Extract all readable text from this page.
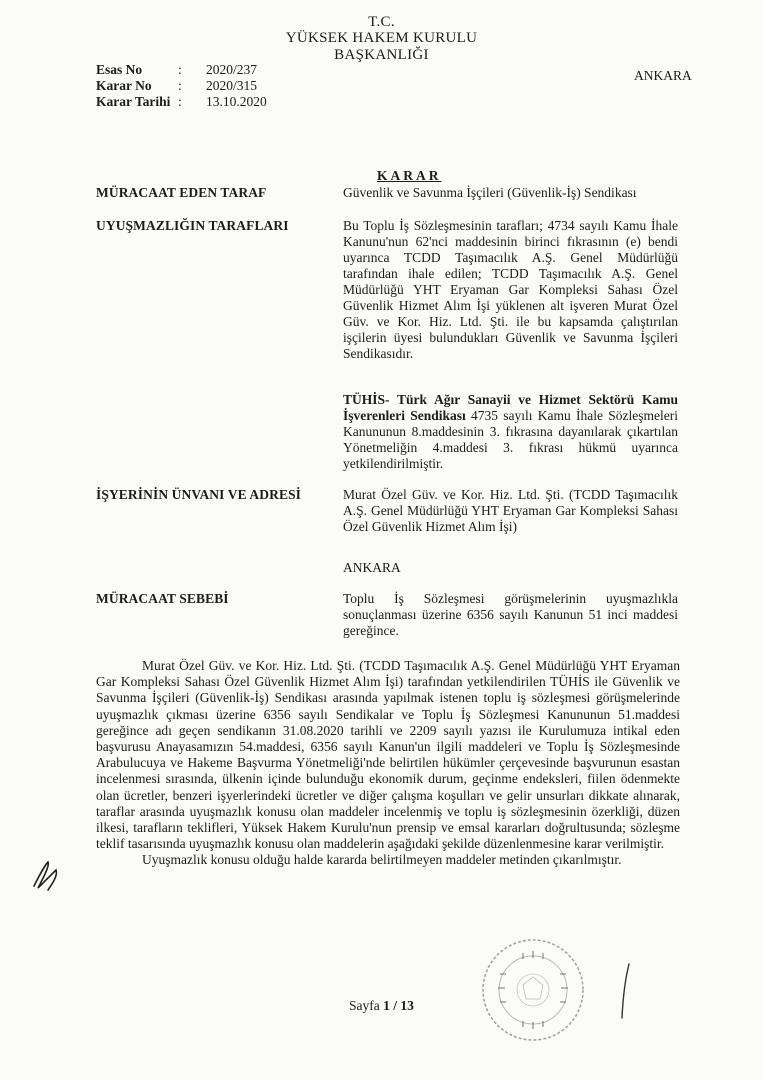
T.C.
YÜKSEK HAKEM KURULU
BAŞKANLIĞI
Esas No	:	2020/237
Karar No	:	2020/315
Karar Tarihi :	13.10.2020
ANKARA
KARAR
MÜRACAAT EDEN TARAF	Güvenlik ve Savunma İşçileri (Güvenlik-İş) Sendikası
UYUŞMAZLIĞIN TARAFLARI	Bu Toplu İş Sözleşmesinin tarafları; 4734 sayılı Kamu İhale Kanunu'nun 62'nci maddesinin birinci fıkrasının (e) bendi uyarınca TCDD Taşımacılık A.Ş. Genel Müdürlüğü tarafından ihale edilen; TCDD Taşımacılık A.Ş. Genel Müdürlüğü YHT Eryaman Gar Kompleksi Sahası Özel Güvenlik Hizmet Alım İşi yüklenen alt işveren Murat Özel Güv. ve Kor. Hiz. Ltd. Şti. ile bu kapsamda çalıştırılan işçilerin üyesi bulundukları Güvenlik ve Savunma İşçileri Sendikasıdır.
TÜHİS- Türk Ağır Sanayii ve Hizmet Sektörü Kamu İşverenleri Sendikası 4735 sayılı Kamu İhale Sözleşmeleri Kanununun 8.maddesinin 3. fıkrasına dayanılarak çıkartılan Yönetmeliğin 4.maddesi 3. fıkrası hükmü uyarınca yetkilendirilmiştir.
İŞYERİNİN ÜNVANI VE ADRESİ	Murat Özel Güv. ve Kor. Hiz. Ltd. Şti. (TCDD Taşımacılık A.Ş. Genel Müdürlüğü YHT Eryaman Gar Kompleksi Sahası Özel Güvenlik Hizmet Alım İşi)
ANKARA
MÜRACAAT SEBEBİ	Toplu İş Sözleşmesi görüşmelerinin uyuşmazlıkla sonuçlanması üzerine 6356 sayılı Kanunun 51 inci maddesi gereğince.

Murat Özel Güv. ve Kor. Hiz. Ltd. Şti. (TCDD Taşımacılık A.Ş. Genel Müdürlüğü YHT Eryaman Gar Kompleksi Sahası Özel Güvenlik Hizmet Alım İşi) tarafından yetkilendirilen TÜHİS ile Güvenlik ve Savunma İşçileri (Güvenlik-İş) Sendikası arasında yapılmak istenen toplu iş sözleşmesi görüşmelerinde uyuşmazlık çıkması üzerine 6356 sayılı Sendikalar ve Toplu İş Sözleşmesi Kanununun 51.maddesi gereğince adı geçen sendikanın 31.08.2020 tarihli ve 2209 sayılı yazısı ile Kurulumuza intikal eden başvurusu Anayasamızın 54.maddesi, 6356 sayılı Kanun'un ilgili maddeleri ve Toplu İş Sözleşmesinde Arabulucuya ve Hakeme Başvurma Yönetmeliği'nde belirtilen hükümler çerçevesinde başvurunun esastan incelenmesi sırasında, ülkenin içinde bulunduğu ekonomik durum, geçinme endeksleri, fiilen ödenmekte olan ücretler, benzeri işyerlerindeki ücretler ve diğer çalışma koşulları ve gelir unsurları dikkate alınarak, taraflar arasında uyuşmazlık konusu olan maddeler incelenmiş ve toplu iş sözleşmesinin özerkliği, düzen ilkesi, tarafların teklifleri, Yüksek Hakem Kurulu'nun prensip ve emsal kararları doğrultusunda; sözleşme teklif tasarısında uyuşmazlık konusu olan maddelerin aşağıdaki şekilde düzenlenmesine karar verilmiştir.

Uyuşmazlık konusu olduğu halde kararda belirtilmeyen maddeler metinden çıkarılmıştır.

Sayfa 1 / 13
